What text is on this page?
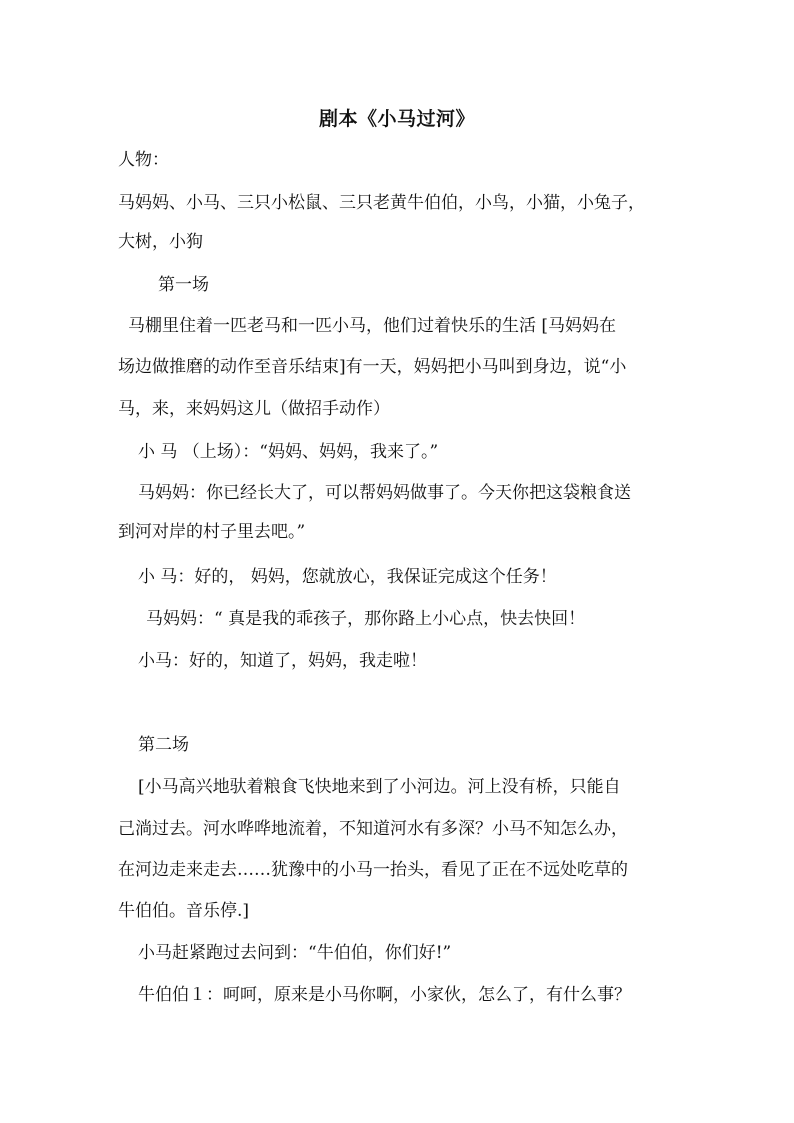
剧本《小马过河》
人物：
马妈妈、小马、三只小松鼠、三只老黄牛伯伯，小鸟，小猫，小兔子，
大树，小狗
第一场
马棚里住着一匹老马和一匹小马，他们过着快乐的生活 [马妈妈在
场边做推磨的动作至音乐结束]有一天，妈妈把小马叫到身边，说“小
马，来，来妈妈这儿（做招手动作）
小 马 （上场）：“妈妈、妈妈，我来了。”
马妈妈：你已经长大了，可以帮妈妈做事了。今天你把这袋粮食送
到河对岸的村子里去吧。”
小 马：好的， 妈妈，您就放心，我保证完成这个任务！
马妈妈：“ 真是我的乖孩子，那你路上小心点，快去快回！
小马：好的，知道了，妈妈，我走啦！
第二场
[小马高兴地驮着粮食飞快地来到了小河边。河上没有桥，只能自
己淌过去。河水哗哗地流着，不知道河水有多深？小马不知怎么办，
在河边走来走去……犹豫中的小马一抬头，看见了正在不远处吃草的
牛伯伯。音乐停.]
小马赶紧跑过去问到：“牛伯伯，你们好!”
牛伯伯１：呵呵，原来是小马你啊，小家伙，怎么了，有什么事？
